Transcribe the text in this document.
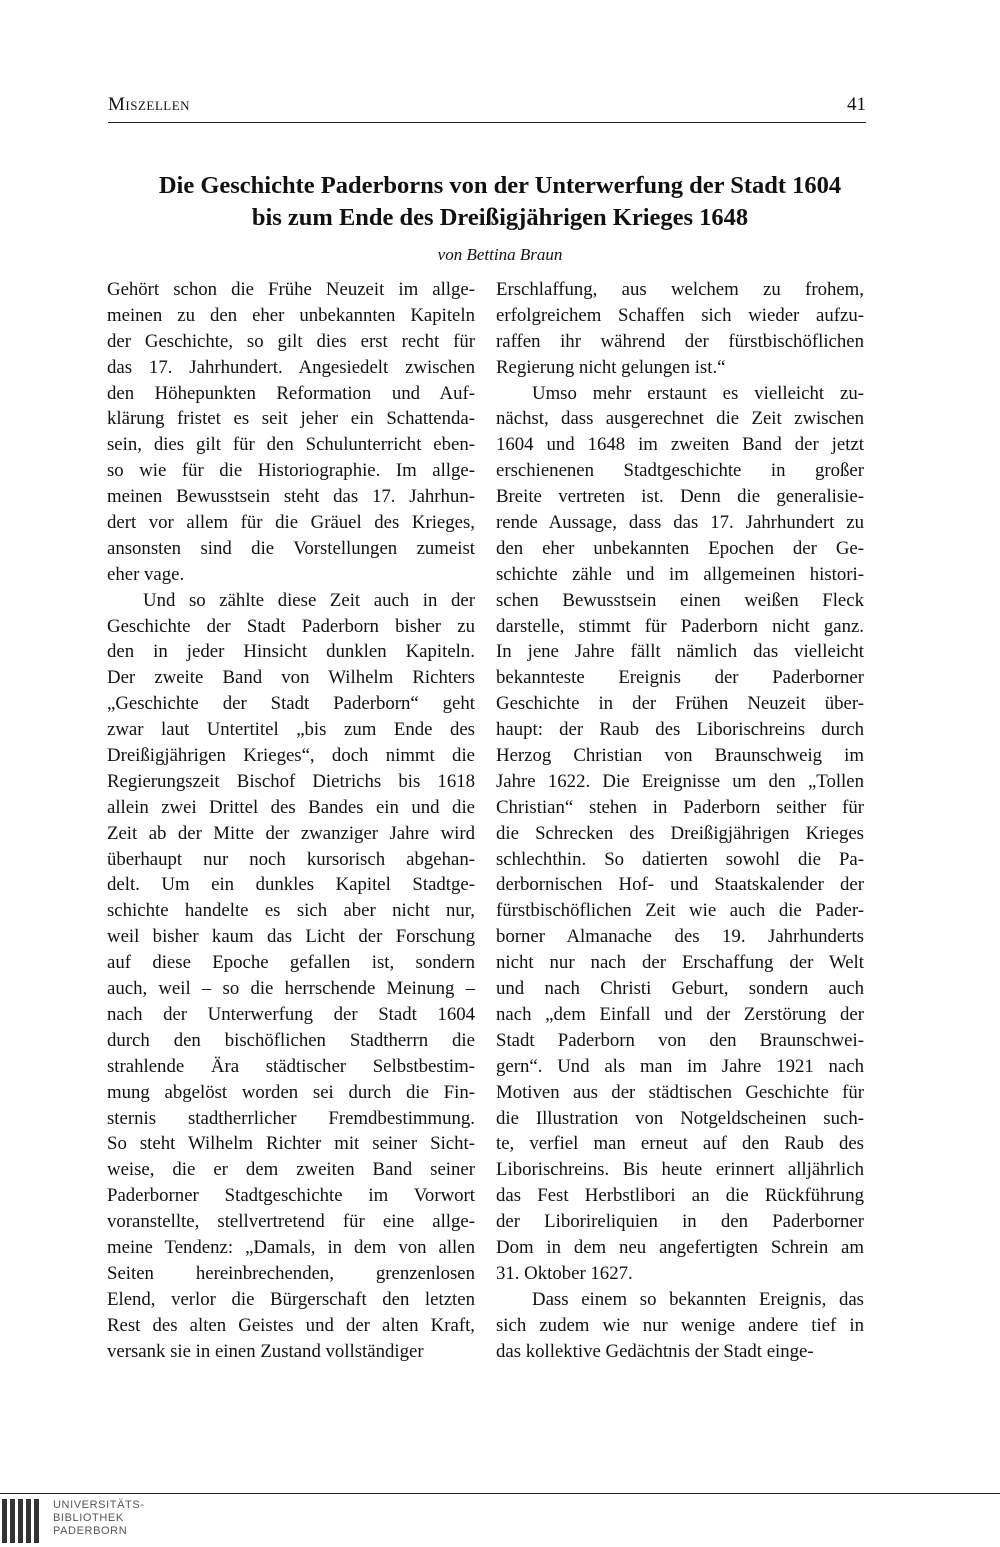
Miszellen	41
Die Geschichte Paderborns von der Unterwerfung der Stadt 1604
bis zum Ende des Dreißigjährigen Krieges 1648
von Bettina Braun
Gehört schon die Frühe Neuzeit im allge-
meinen zu den eher unbekannten Kapiteln
der Geschichte, so gilt dies erst recht für
das 17. Jahrhundert. Angesiedelt zwischen
den Höhepunkten Reformation und Auf-
klärung fristet es seit jeher ein Schattenda-
sein, dies gilt für den Schulunterricht eben-
so wie für die Historiographie. Im allge-
meinen Bewusstsein steht das 17. Jahrhun-
dert vor allem für die Gräuel des Krieges,
ansonsten sind die Vorstellungen zumeist
eher vage.
Und so zählte diese Zeit auch in der
Geschichte der Stadt Paderborn bisher zu
den in jeder Hinsicht dunklen Kapiteln.
Der zweite Band von Wilhelm Richters
„Geschichte der Stadt Paderborn“ geht
zwar laut Untertitel „bis zum Ende des
Dreißigjährigen Krieges“, doch nimmt die
Regierungszeit Bischof Dietrichs bis 1618
allein zwei Drittel des Bandes ein und die
Zeit ab der Mitte der zwanziger Jahre wird
überhaupt nur noch kursorisch abgehan-
delt. Um ein dunkles Kapitel Stadtge-
schichte handelte es sich aber nicht nur,
weil bisher kaum das Licht der Forschung
auf diese Epoche gefallen ist, sondern
auch, weil – so die herrschende Meinung –
nach der Unterwerfung der Stadt 1604
durch den bischöflichen Stadtherrn die
strahlende Ära städtischer Selbstbestim-
mung abgelöst worden sei durch die Fin-
sternis stadtherrlicher Fremdbestimmung.
So steht Wilhelm Richter mit seiner Sicht-
weise, die er dem zweiten Band seiner
Paderborner Stadtgeschichte im Vorwort
voranstellte, stellvertretend für eine allge-
meine Tendenz: „Damals, in dem von allen
Seiten hereinbrechenden, grenzenlosen
Elend, verlor die Bürgerschaft den letzten
Rest des alten Geistes und der alten Kraft,
versank sie in einen Zustand vollständiger
Erschlaffung, aus welchem zu frohem,
erfolgreichem Schaffen sich wieder aufzu-
raffen ihr während der fürstbischöflichen
Regierung nicht gelungen ist.“
Umso mehr erstaunt es vielleicht zu-
nächst, dass ausgerechnet die Zeit zwischen
1604 und 1648 im zweiten Band der jetzt
erschienenen Stadtgeschichte in großer
Breite vertreten ist. Denn die generalisie-
rende Aussage, dass das 17. Jahrhundert zu
den eher unbekannten Epochen der Ge-
schichte zähle und im allgemeinen histori-
schen Bewusstsein einen weißen Fleck
darstelle, stimmt für Paderborn nicht ganz.
In jene Jahre fällt nämlich das vielleicht
bekannteste Ereignis der Paderborner
Geschichte in der Frühen Neuzeit über-
haupt: der Raub des Liborischreins durch
Herzog Christian von Braunschweig im
Jahre 1622. Die Ereignisse um den „Tollen
Christian“ stehen in Paderborn seither für
die Schrecken des Dreißigjährigen Krieges
schlechthin. So datierten sowohl die Pa-
derbornischen Hof- und Staatskalender der
fürstbischöflichen Zeit wie auch die Pader-
borner Almanache des 19. Jahrhunderts
nicht nur nach der Erschaffung der Welt
und nach Christi Geburt, sondern auch
nach „dem Einfall und der Zerstörung der
Stadt Paderborn von den Braunschwei-
gern“. Und als man im Jahre 1921 nach
Motiven aus der städtischen Geschichte für
die Illustration von Notgeldscheinen such-
te, verfiel man erneut auf den Raub des
Liborischreins. Bis heute erinnert alljährlich
das Fest Herbstlibori an die Rückführung
der Liborireliquien in den Paderborner
Dom in dem neu angefertigten Schrein am
31. Oktober 1627.
Dass einem so bekannten Ereignis, das
sich zudem wie nur wenige andere tief in
das kollektive Gedächtnis der Stadt einge-
UNIVERSITÄTS-
BIBLIOTHEK
PADERBORN
